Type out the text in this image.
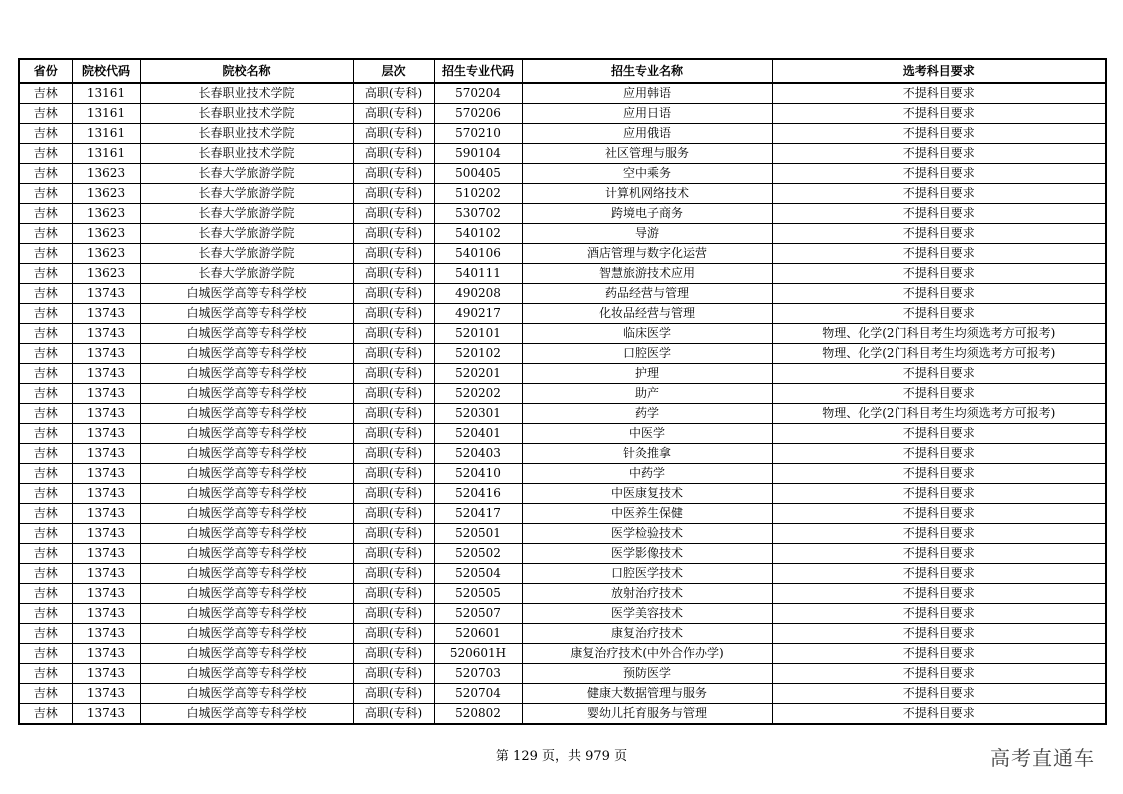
省份	院校代码	院校名称	层次	招生专业代码	招生专业名称	选考科目要求
吉林	13161	长春职业技术学院	高职(专科)	570204	应用韩语	不提科目要求
吉林	13161	长春职业技术学院	高职(专科)	570206	应用日语	不提科目要求
吉林	13161	长春职业技术学院	高职(专科)	570210	应用俄语	不提科目要求
吉林	13161	长春职业技术学院	高职(专科)	590104	社区管理与服务	不提科目要求
吉林	13623	长春大学旅游学院	高职(专科)	500405	空中乘务	不提科目要求
吉林	13623	长春大学旅游学院	高职(专科)	510202	计算机网络技术	不提科目要求
吉林	13623	长春大学旅游学院	高职(专科)	530702	跨境电子商务	不提科目要求
吉林	13623	长春大学旅游学院	高职(专科)	540102	导游	不提科目要求
吉林	13623	长春大学旅游学院	高职(专科)	540106	酒店管理与数字化运营	不提科目要求
吉林	13623	长春大学旅游学院	高职(专科)	540111	智慧旅游技术应用	不提科目要求
吉林	13743	白城医学高等专科学校	高职(专科)	490208	药品经营与管理	不提科目要求
吉林	13743	白城医学高等专科学校	高职(专科)	490217	化妆品经营与管理	不提科目要求
吉林	13743	白城医学高等专科学校	高职(专科)	520101	临床医学	物理、化学(2门科目考生均须选考方可报考)
吉林	13743	白城医学高等专科学校	高职(专科)	520102	口腔医学	物理、化学(2门科目考生均须选考方可报考)
吉林	13743	白城医学高等专科学校	高职(专科)	520201	护理	不提科目要求
吉林	13743	白城医学高等专科学校	高职(专科)	520202	助产	不提科目要求
吉林	13743	白城医学高等专科学校	高职(专科)	520301	药学	物理、化学(2门科目考生均须选考方可报考)
吉林	13743	白城医学高等专科学校	高职(专科)	520401	中医学	不提科目要求
吉林	13743	白城医学高等专科学校	高职(专科)	520403	针灸推拿	不提科目要求
吉林	13743	白城医学高等专科学校	高职(专科)	520410	中药学	不提科目要求
吉林	13743	白城医学高等专科学校	高职(专科)	520416	中医康复技术	不提科目要求
吉林	13743	白城医学高等专科学校	高职(专科)	520417	中医养生保健	不提科目要求
吉林	13743	白城医学高等专科学校	高职(专科)	520501	医学检验技术	不提科目要求
吉林	13743	白城医学高等专科学校	高职(专科)	520502	医学影像技术	不提科目要求
吉林	13743	白城医学高等专科学校	高职(专科)	520504	口腔医学技术	不提科目要求
吉林	13743	白城医学高等专科学校	高职(专科)	520505	放射治疗技术	不提科目要求
吉林	13743	白城医学高等专科学校	高职(专科)	520507	医学美容技术	不提科目要求
吉林	13743	白城医学高等专科学校	高职(专科)	520601	康复治疗技术	不提科目要求
吉林	13743	白城医学高等专科学校	高职(专科)	520601H	康复治疗技术(中外合作办学)	不提科目要求
吉林	13743	白城医学高等专科学校	高职(专科)	520703	预防医学	不提科目要求
吉林	13743	白城医学高等专科学校	高职(专科)	520704	健康大数据管理与服务	不提科目要求
吉林	13743	白城医学高等专科学校	高职(专科)	520802	婴幼儿托育服务与管理	不提科目要求
第 129 页，共 979 页	高考直通车
